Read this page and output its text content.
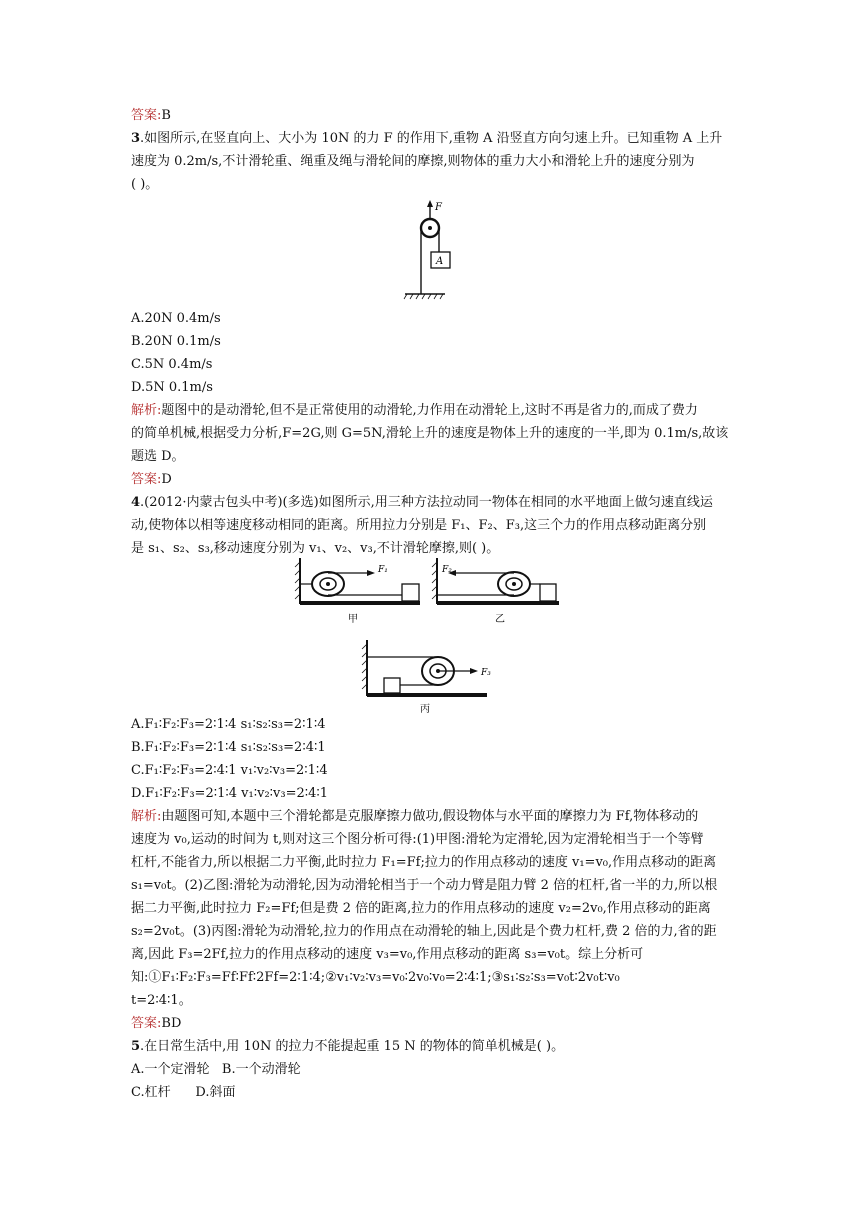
答案:B
3.如图所示,在竖直向上、大小为 10N 的力 F 的作用下,重物 A 沿竖直方向匀速上升。已知重物 A 上升
速度为 0.2m/s,不计滑轮重、绳重及绳与滑轮间的摩擦,则物体的重力大小和滑轮上升的速度分别为
( )。
F
A
A.20N 0.4m/s
B.20N 0.1m/s
C.5N 0.4m/s
D.5N 0.1m/s
解析:题图中的是动滑轮,但不是正常使用的动滑轮,力作用在动滑轮上,这时不再是省力的,而成了费力
的简单机械,根据受力分析,F=2G,则 G=5N,滑轮上升的速度是物体上升的速度的一半,即为 0.1m/s,故该
题选 D。
答案:D
4.(2012·内蒙古包头中考)(多选)如图所示,用三种方法拉动同一物体在相同的水平地面上做匀速直线运
动,使物体以相等速度移动相同的距离。所用拉力分别是 F₁、F₂、F₃,这三个力的作用点移动距离分别
是 s₁、s₂、s₃,移动速度分别为 v₁、v₂、v₃,不计滑轮摩擦,则( )。
F₁
甲
F₂
乙
F₃
丙
A.F₁∶F₂∶F₃=2∶1∶4 s₁∶s₂∶s₃=2∶1∶4
B.F₁∶F₂∶F₃=2∶1∶4 s₁∶s₂∶s₃=2∶4∶1
C.F₁∶F₂∶F₃=2∶4∶1 v₁∶v₂∶v₃=2∶1∶4
D.F₁∶F₂∶F₃=2∶1∶4 v₁∶v₂∶v₃=2∶4∶1
解析:由题图可知,本题中三个滑轮都是克服摩擦力做功,假设物体与水平面的摩擦力为 Ff,物体移动的
速度为 v₀,运动的时间为 t,则对这三个图分析可得:(1)甲图:滑轮为定滑轮,因为定滑轮相当于一个等臂
杠杆,不能省力,所以根据二力平衡,此时拉力 F₁=Ff;拉力的作用点移动的速度 v₁=v₀,作用点移动的距离
s₁=v₀t。(2)乙图:滑轮为动滑轮,因为动滑轮相当于一个动力臂是阻力臂 2 倍的杠杆,省一半的力,所以根
据二力平衡,此时拉力 F₂=Ff;但是费 2 倍的距离,拉力的作用点移动的速度 v₂=2v₀,作用点移动的距离
s₂=2v₀t。(3)丙图:滑轮为动滑轮,拉力的作用点在动滑轮的轴上,因此是个费力杠杆,费 2 倍的力,省的距
离,因此 F₃=2Ff,拉力的作用点移动的速度 v₃=v₀,作用点移动的距离 s₃=v₀t。综上分析可
知:①F₁∶F₂∶F₃=Ff∶Ff∶2Ff=2∶1∶4;②v₁∶v₂∶v₃=v₀∶2v₀∶v₀=2∶4∶1;③s₁∶s₂∶s₃=v₀t∶2v₀t∶v₀
t=2∶4∶1。
答案:BD
5.在日常生活中,用 10N 的拉力不能提起重 15 N 的物体的简单机械是( )。
A.一个定滑轮   B.一个动滑轮
C.杠杆      D.斜面
